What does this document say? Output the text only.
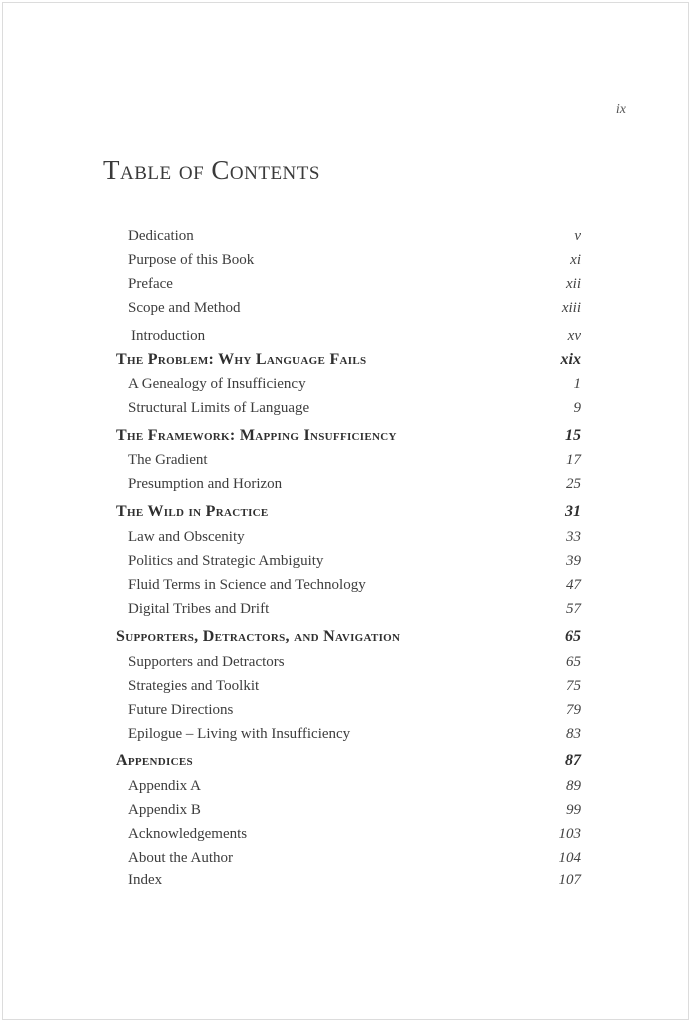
ix
Table of Contents
Dedication	v
Purpose of this Book	xi
Preface	xii
Scope and Method	xiii
Introduction	xv
The Problem: Why Language Fails	xix
A Genealogy of Insufficiency	1
Structural Limits of Language	9
The Framework: Mapping Insufficiency	15
The Gradient	17
Presumption and Horizon	25
The Wild in Practice	31
Law and Obscenity	33
Politics and Strategic Ambiguity	39
Fluid Terms in Science and Technology	47
Digital Tribes and Drift	57
Supporters, Detractors, and Navigation	65
Supporters and Detractors	65
Strategies and Toolkit	75
Future Directions	79
Epilogue – Living with Insufficiency	83
Appendices	87
Appendix A	89
Appendix B	99
Acknowledgements	103
About the Author	104
Index	107
